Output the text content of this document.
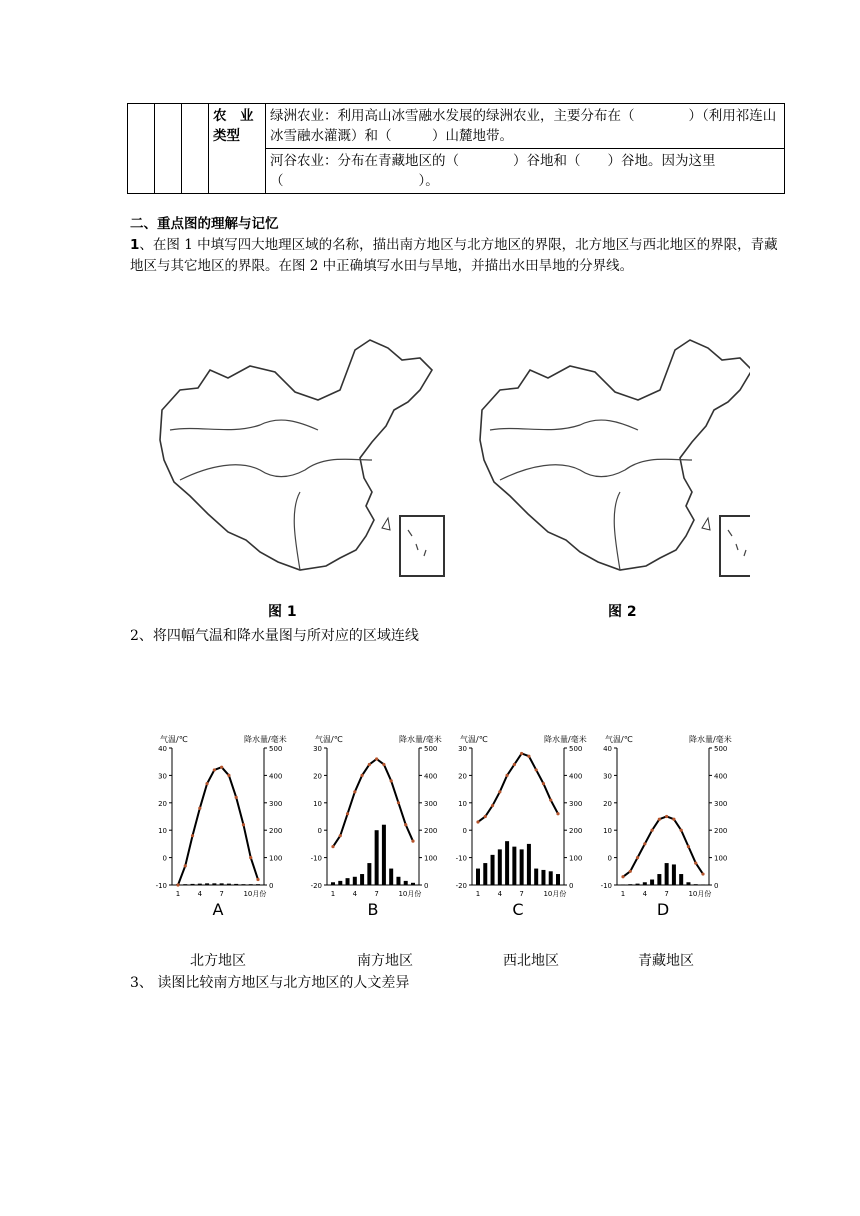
			农　业类型	绿洲农业：利用高山冰雪融水发展的绿洲农业，主要分布在（　　　　）（利用祁连山冰雪融水灌溉）和（　　　）山麓地带。
河谷农业：分布在青藏地区的（　　　　）谷地和（　　）谷地。因为这里（　　　　　　　　　　）。
二、重点图的理解与记忆
1、在图 1 中填写四大地理区域的名称，描出南方地区与北方地区的界限，北方地区与西北地区的界限，青藏地区与其它地区的界限。在图 2 中正确填写水田与旱地，并描出水田旱地的分界线。
图 1	图 2
2、将四幅气温和降水量图与所对应的区域连线
气温/℃	降水量/毫米
-10
0
10
20
30
40
0
100
200
300
400
500
1 4 7	10月份
A
气温/℃	降水量/毫米
-20
-10
0
10
20
30
0
100
200
300
400
500
1 4 7	10月份
B
气温/℃	降水量/毫米
-20
-10
0
10
20
30
0
100
200
300
400
500
1 4 7	10月份
C
气温/℃	降水量/毫米
-10
0
10
20
30
40
0
100
200
300
400
500
1 4 7	10月份
D
北方地区	南方地区	西北地区	青藏地区
3、 读图比较南方地区与北方地区的人文差异
